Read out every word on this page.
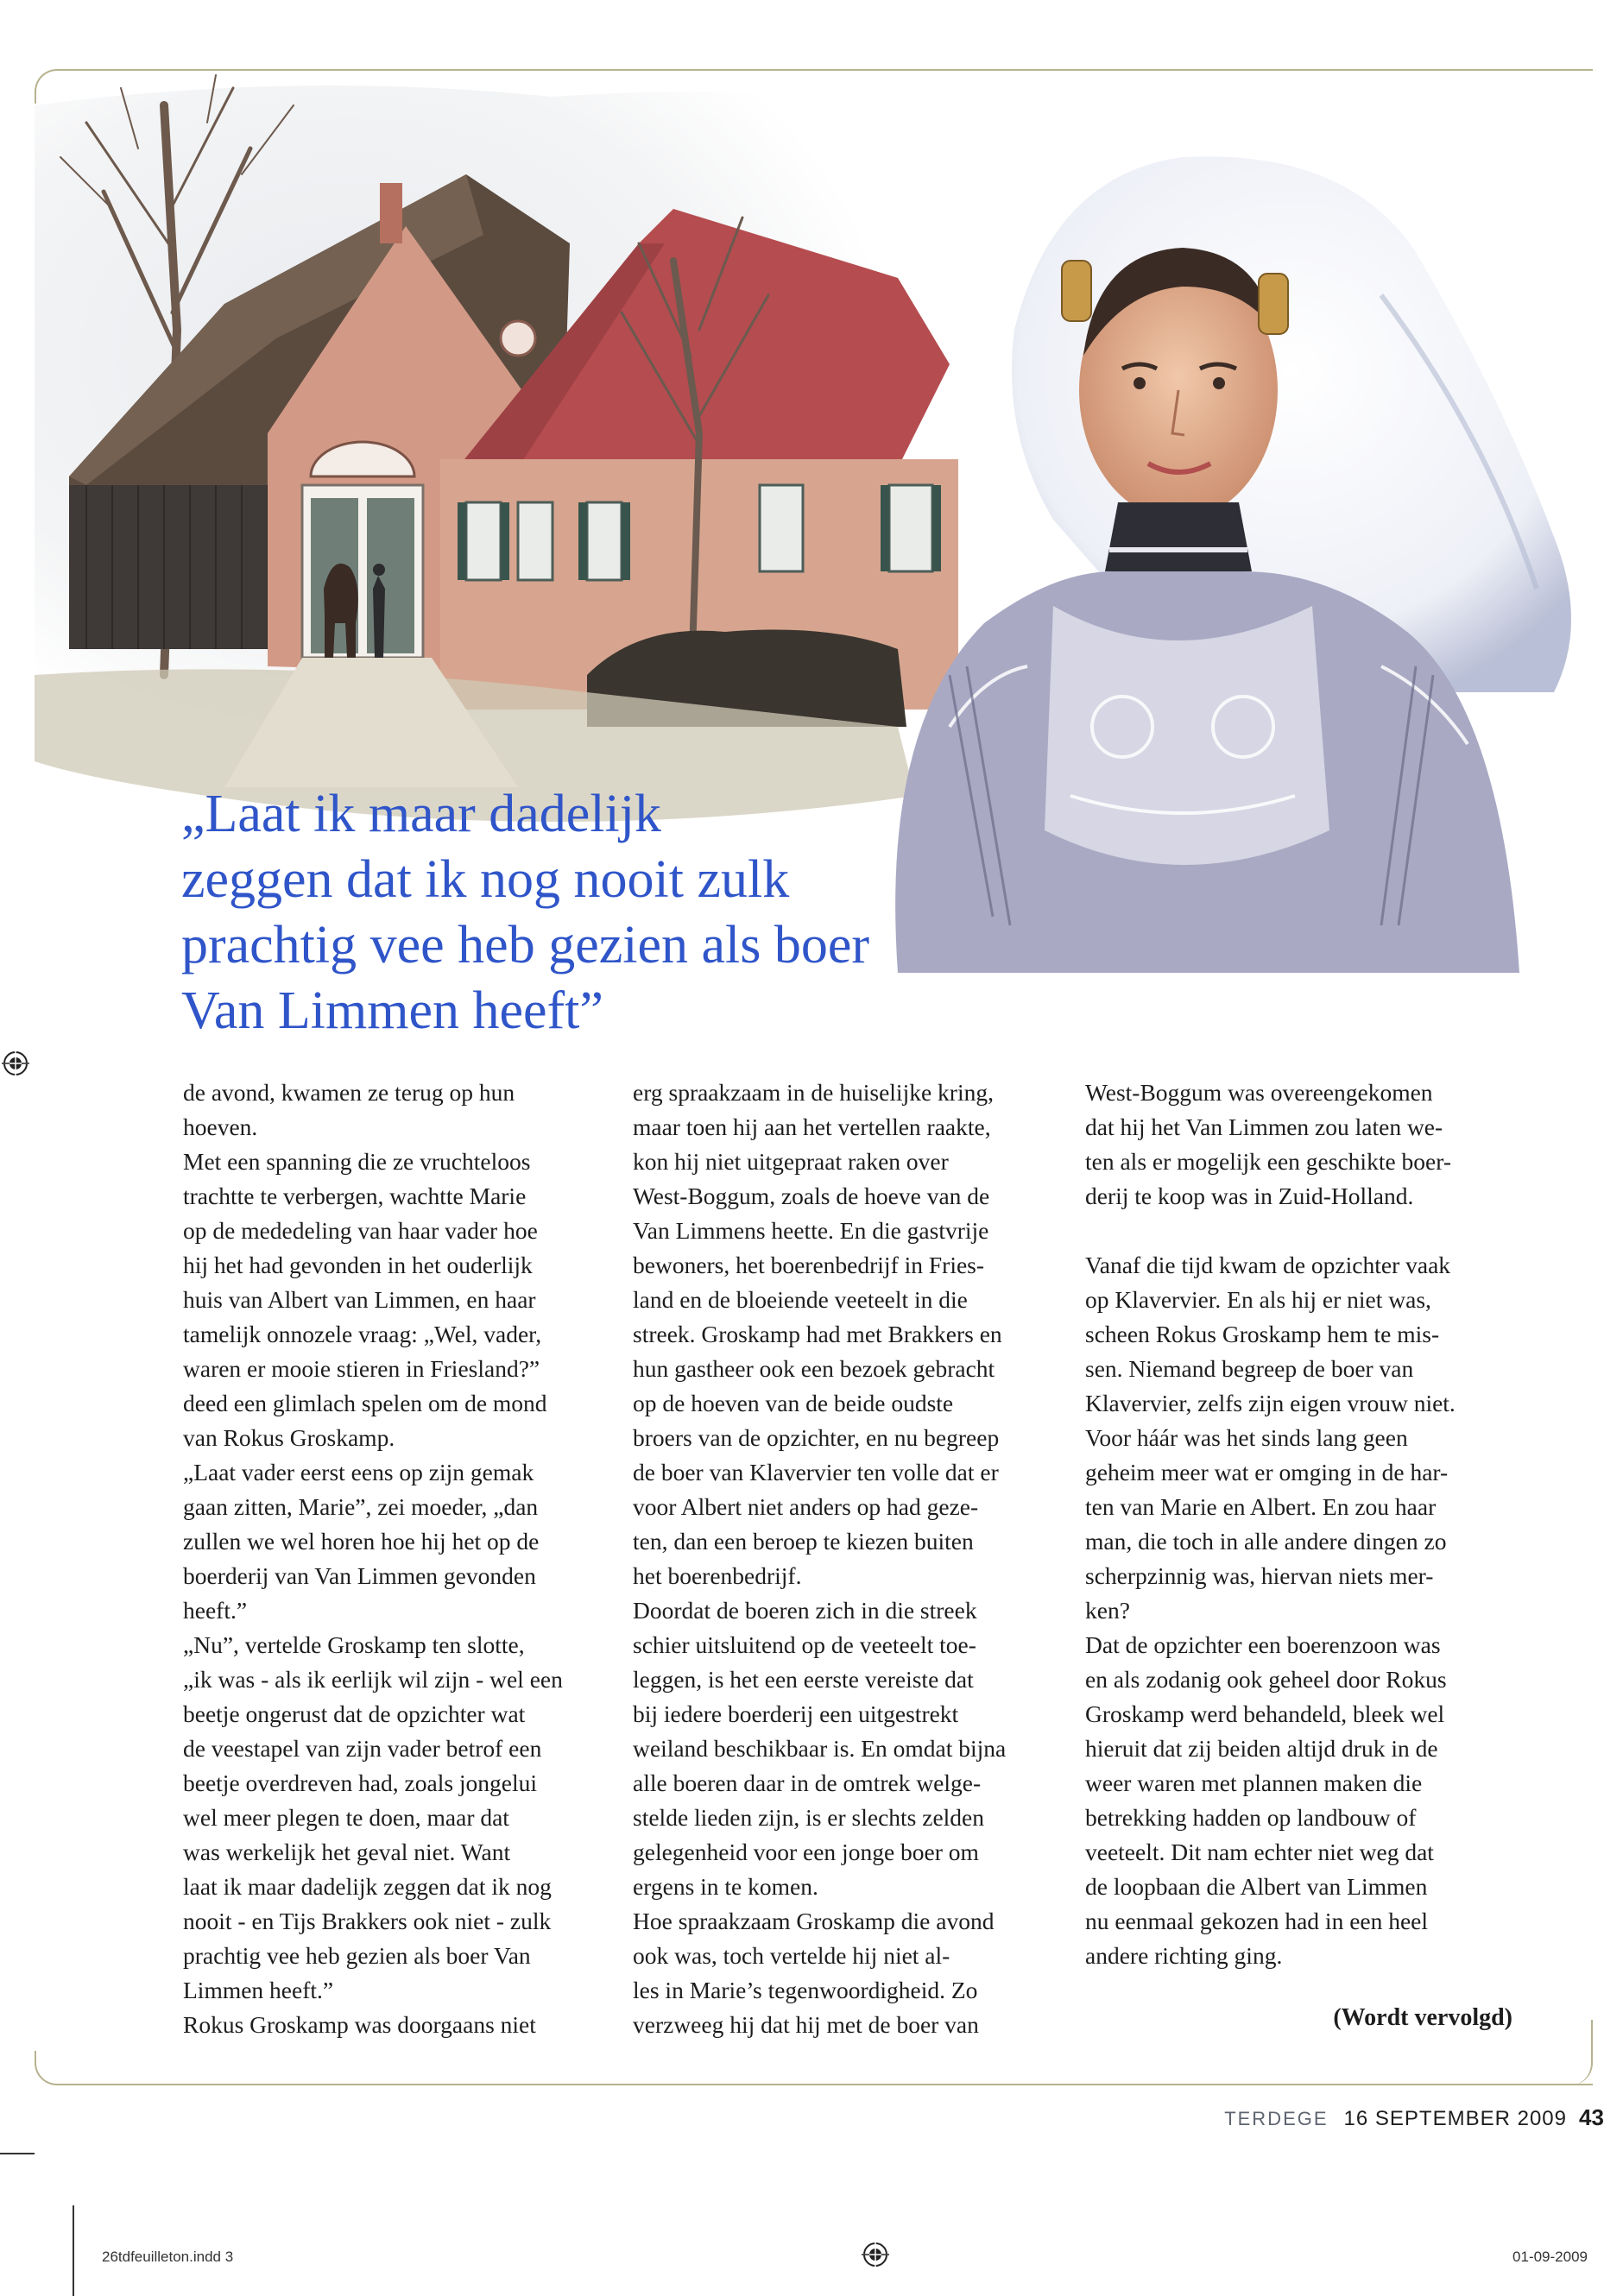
„Laat ik maar dadelijk
zeggen dat ik nog nooit zulk
prachtig vee heb gezien als boer
Van Limmen heeft”
de avond, kwamen ze terug op hun
hoeven.
Met een spanning die ze vruchteloos
trachtte te verbergen, wachtte Marie
op de mededeling van haar vader hoe
hij het had gevonden in het ouderlijk
huis van Albert van Limmen, en haar
tamelijk onnozele vraag: „Wel, vader,
waren er mooie stieren in Friesland?”
deed een glimlach spelen om de mond
van Rokus Groskamp.
„Laat vader eerst eens op zijn gemak
gaan zitten, Marie”, zei moeder, „dan
zullen we wel horen hoe hij het op de
boerderij van Van Limmen gevonden
heeft.”
„Nu”, vertelde Groskamp ten slotte,
„ik was - als ik eerlijk wil zijn - wel een
beetje ongerust dat de opzichter wat
de veestapel van zijn vader betrof een
beetje overdreven had, zoals jongelui
wel meer plegen te doen, maar dat
was werkelijk het geval niet. Want
laat ik maar dadelijk zeggen dat ik nog
nooit - en Tijs Brakkers ook niet - zulk
prachtig vee heb gezien als boer Van
Limmen heeft.”
Rokus Groskamp was doorgaans niet
erg spraakzaam in de huiselijke kring,
maar toen hij aan het vertellen raakte,
kon hij niet uitgepraat raken over
West-Boggum, zoals de hoeve van de
Van Limmens heette. En die gastvrije
bewoners, het boerenbedrijf in Fries-
land en de bloeiende veeteelt in die
streek. Groskamp had met Brakkers en
hun gastheer ook een bezoek gebracht
op de hoeven van de beide oudste
broers van de opzichter, en nu begreep
de boer van Klavervier ten volle dat er
voor Albert niet anders op had geze-
ten, dan een beroep te kiezen buiten
het boerenbedrijf.
Doordat de boeren zich in die streek
schier uitsluitend op de veeteelt toe-
leggen, is het een eerste vereiste dat
bij iedere boerderij een uitgestrekt
weiland beschikbaar is. En omdat bijna
alle boeren daar in de omtrek welge-
stelde lieden zijn, is er slechts zelden
gelegenheid voor een jonge boer om
ergens in te komen.
Hoe spraakzaam Groskamp die avond
ook was, toch vertelde hij niet al-
les in Marie’s tegenwoordigheid. Zo
verzweeg hij dat hij met de boer van
West-Boggum was overeengekomen
dat hij het Van Limmen zou laten we-
ten als er mogelijk een geschikte boer-
derij te koop was in Zuid-Holland.

Vanaf die tijd kwam de opzichter vaak
op Klavervier. En als hij er niet was,
scheen Rokus Groskamp hem te mis-
sen. Niemand begreep de boer van
Klavervier, zelfs zijn eigen vrouw niet.
Voor háár was het sinds lang geen
geheim meer wat er omging in de har-
ten van Marie en Albert. En zou haar
man, die toch in alle andere dingen zo
scherpzinnig was, hiervan niets mer-
ken?
Dat de opzichter een boerenzoon was
en als zodanig ook geheel door Rokus
Groskamp werd behandeld, bleek wel
hieruit dat zij beiden altijd druk in de
weer waren met plannen maken die
betrekking hadden op landbouw of
veeteelt. Dit nam echter niet weg dat
de loopbaan die Albert van Limmen
nu eenmaal gekozen had in een heel
andere richting ging.
(Wordt vervolgd)
TERDEGE 16 SEPTEMBER 2009 43
26tdfeuilleton.indd 3	01-09-2009
